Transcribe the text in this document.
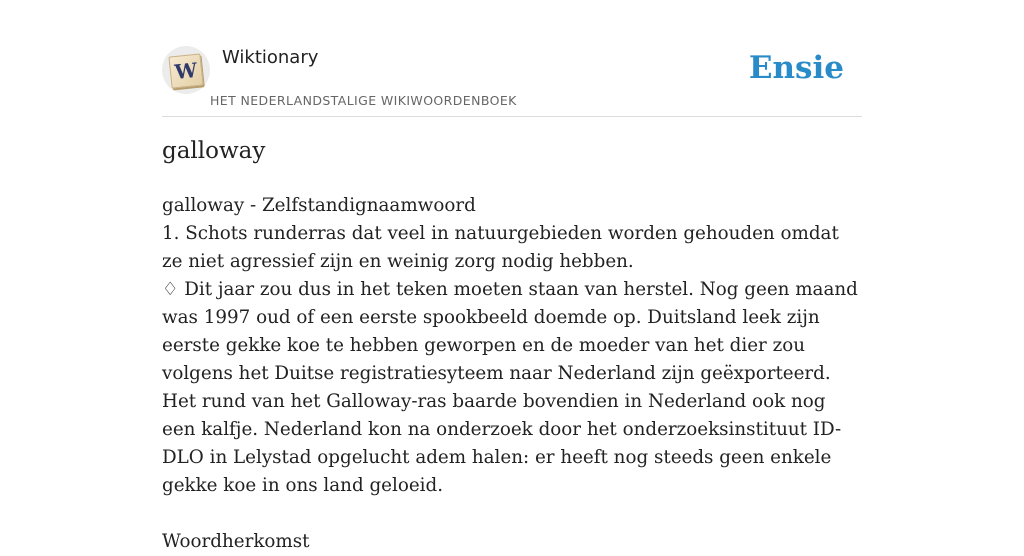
W
Wiktionary
HET NEDERLANDSTALIGE WIKIWOORDENBOEK
Ensie
galloway

galloway - Zelfstandignaamwoord

1. Schots runderras dat veel in natuurgebieden worden gehouden omdat ze niet agressief zijn en weinig zorg nodig hebben.

♢ Dit jaar zou dus in het teken moeten staan van herstel. Nog geen maand was 1997 oud of een eerste spookbeeld doemde op. Duitsland leek zijn eerste gekke koe te hebben geworpen en de moeder van het dier zou volgens het Duitse registratiesyteem naar Nederland zijn geëxporteerd. Het rund van het Galloway-ras baarde bovendien in Nederland ook nog een kalfje. Nederland kon na onderzoek door het onderzoeksinstituut ID-DLO in Lelystad opgelucht adem halen: er heeft nog steeds geen enkele gekke koe in ons land geloeid.

Woordherkomst
